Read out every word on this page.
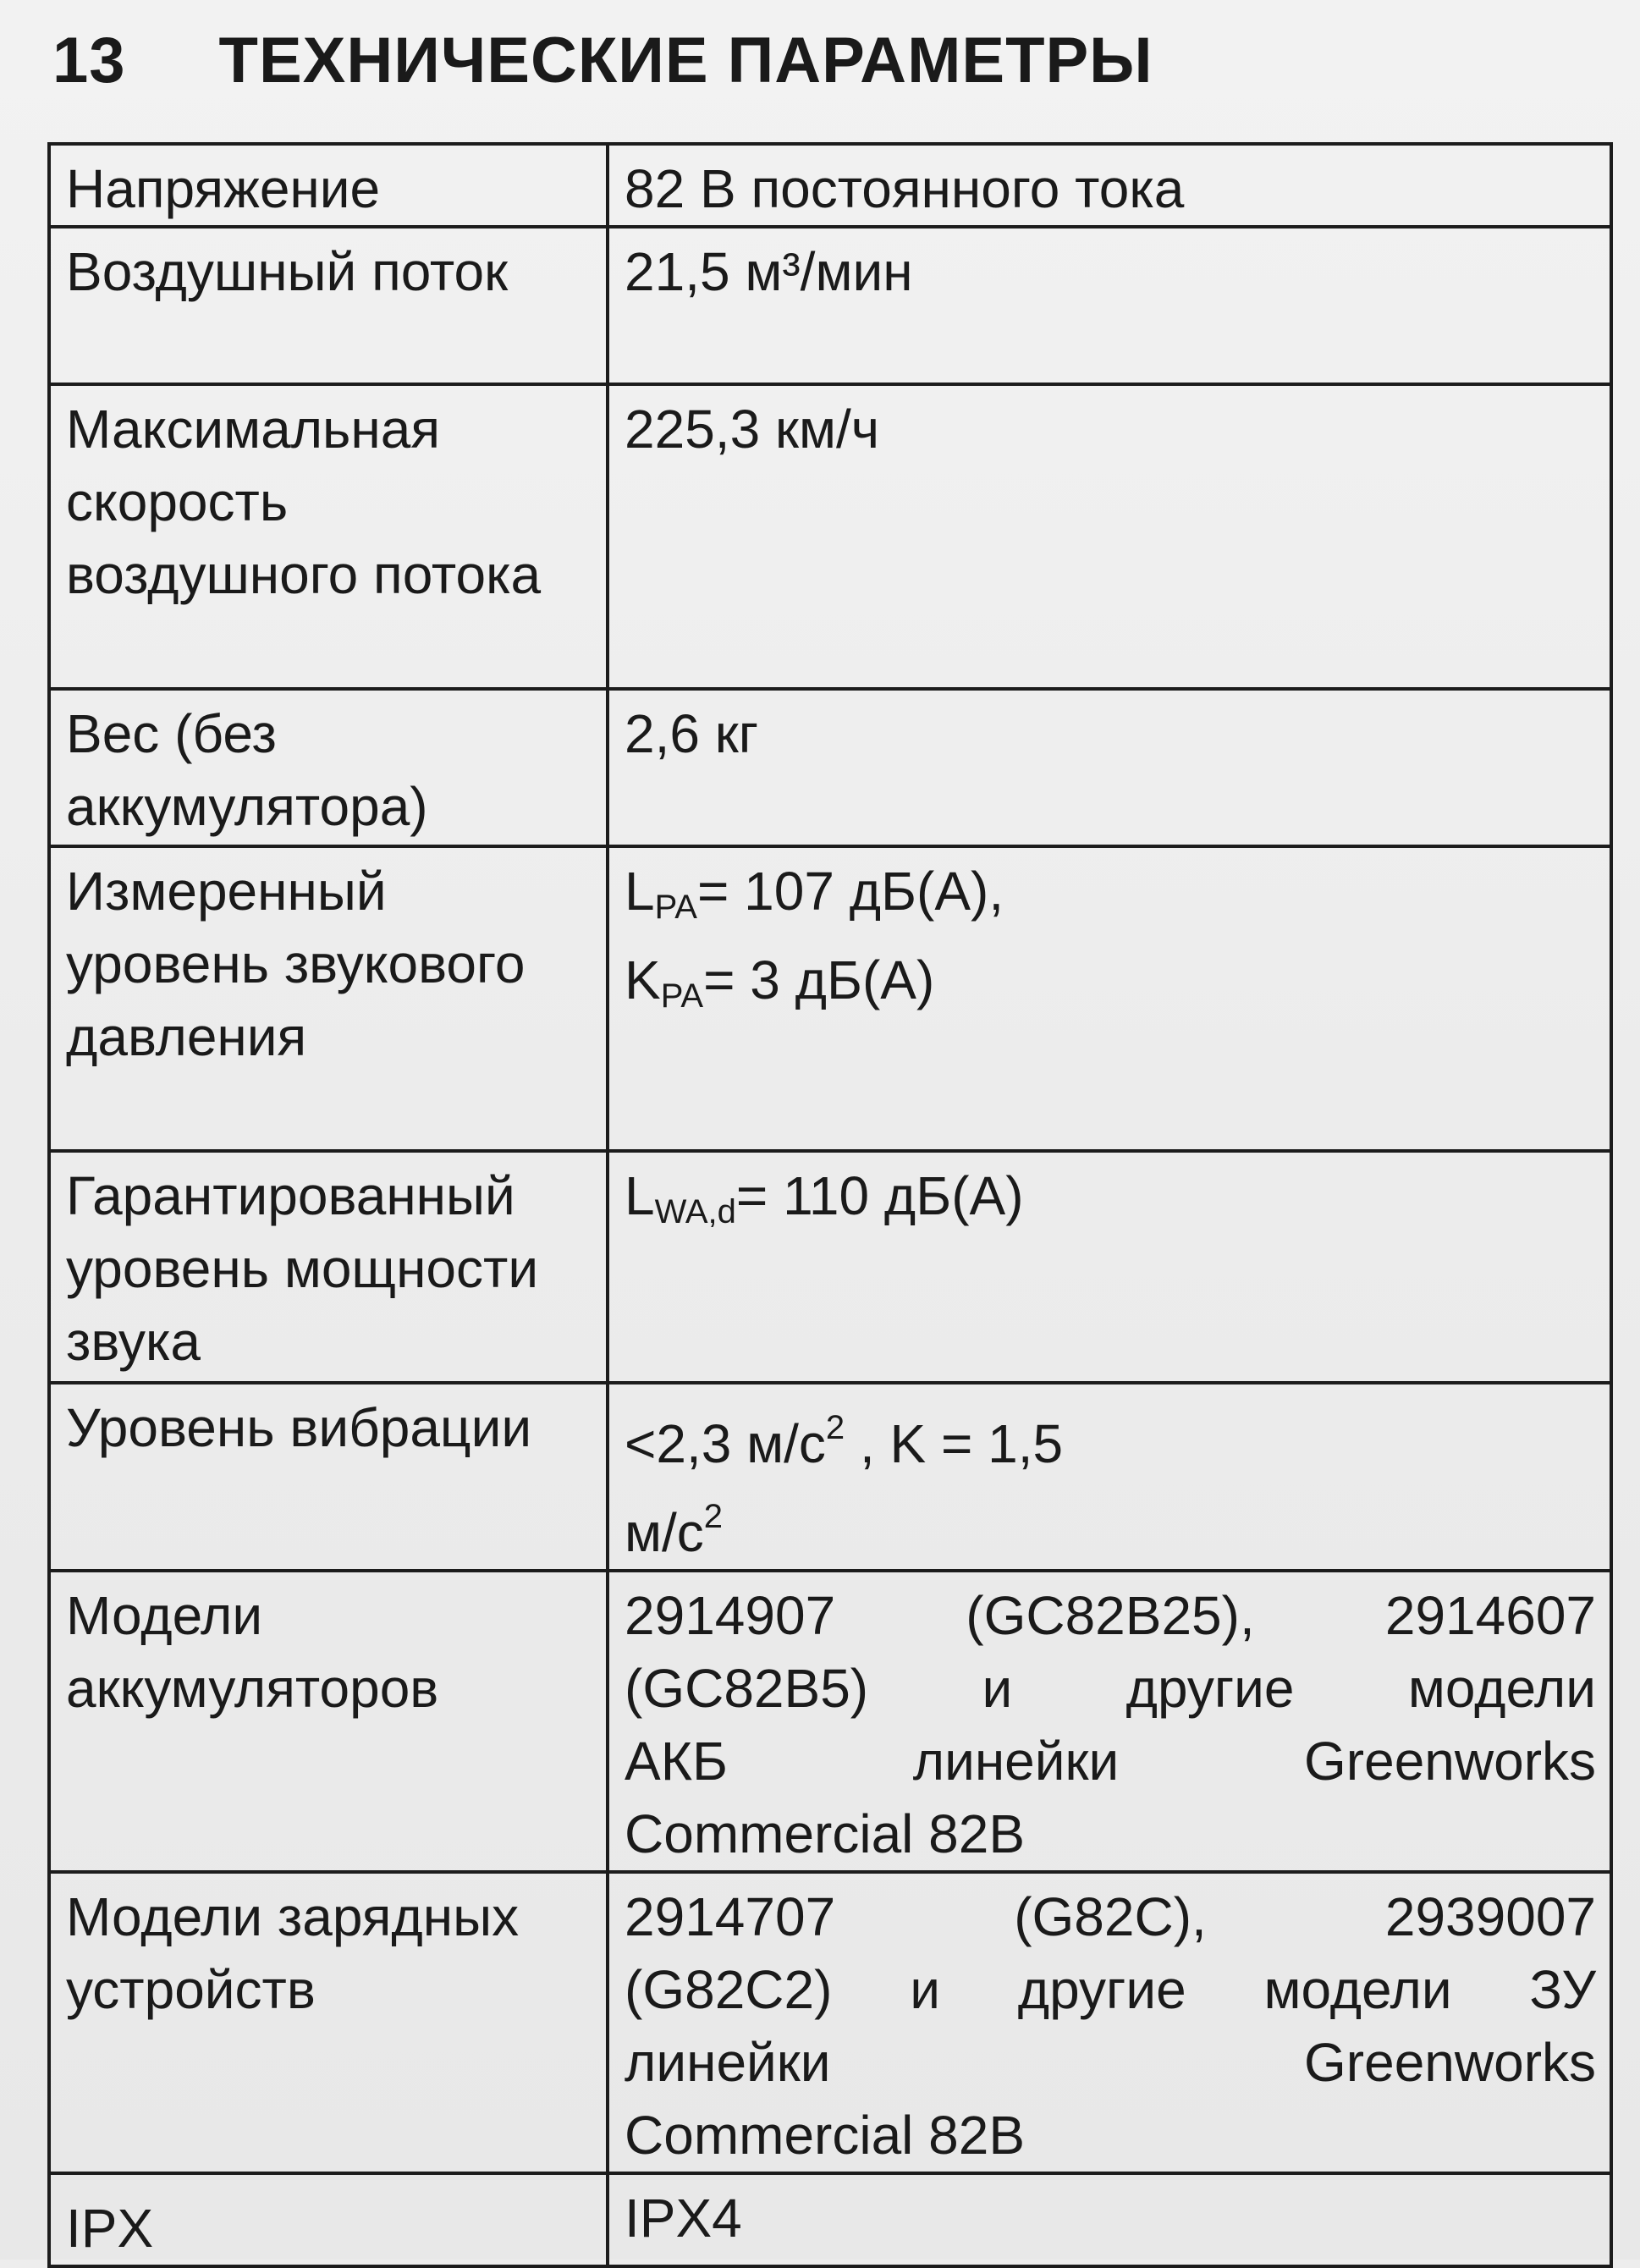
13 ТЕХНИЧЕСКИЕ ПАРАМЕТРЫ
Напряжение	82 В постоянного тока
Воздушный поток	21,5 м³/мин
Максимальная скорость воздушного потока	225,3 км/ч
Вес (без аккумулятора)	2,6 кг
Измеренный уровень звукового давления	$L_{PA}= 107$ дБ(A),
$K_{PA}= 3$ дБ(A)
Гарантированный уровень мощности звука	$L_{WA,d}= 110$ дБ(A)
Уровень вибрации	<2,3 $м/с^2$ , K = 1,5
$м/с^2$
Модели аккумуляторов	2914907 (GC82B25), 2914607
(GC82B5) и другие модели
АКБ линейки Greenworks
Commercial 82B

Модели зарядных устройств	2914707 (G82C), 2939007
(G82C2) и другие модели ЗУ
линейки Greenworks
Commercial 82B

IPX	IPX4
